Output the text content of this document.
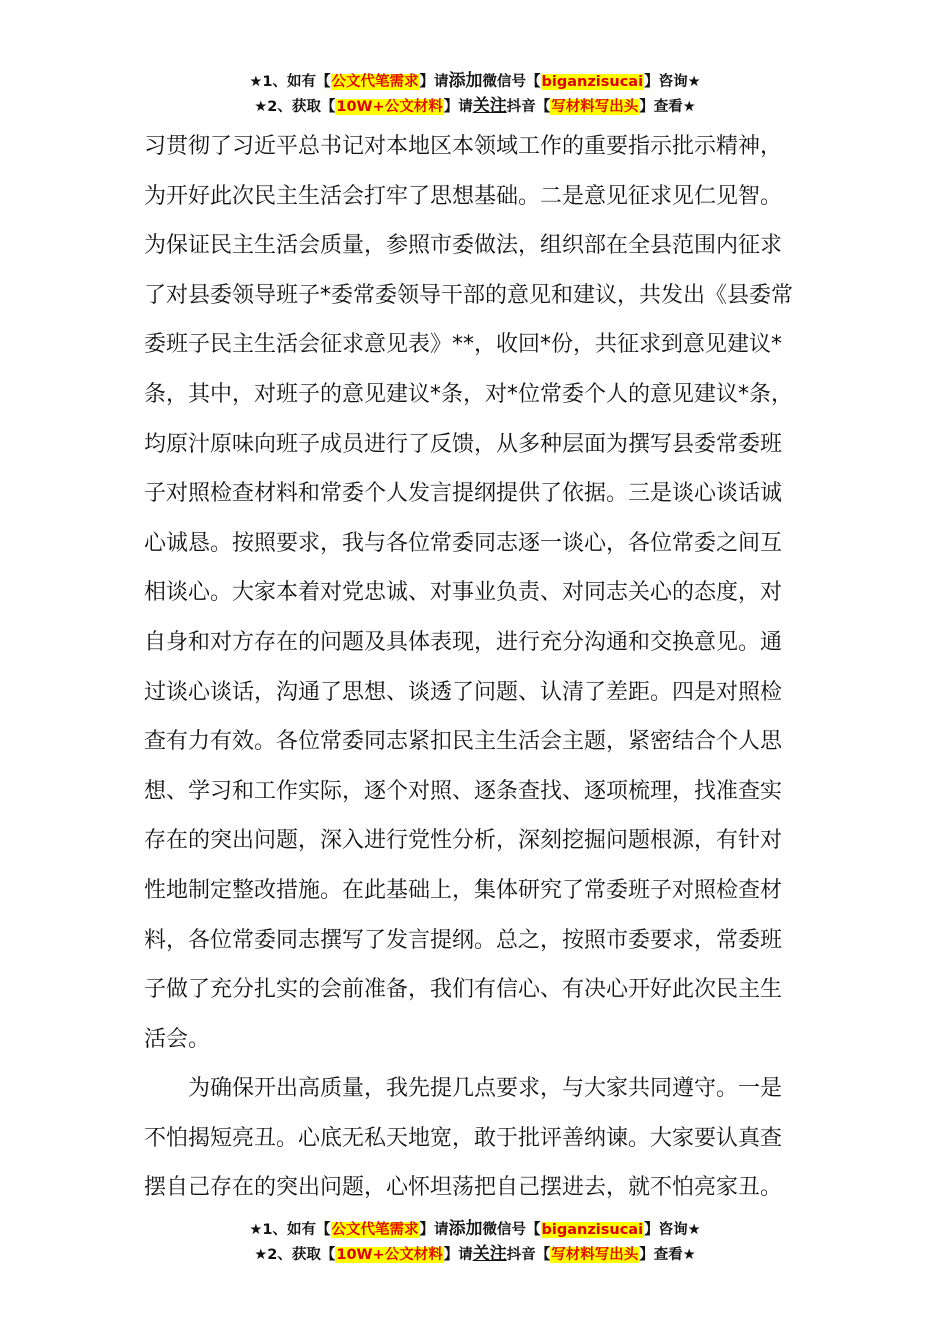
★1、如有【公文代笔需求】请添加微信号【biganzisucai】咨询★
★2、获取【10W+公文材料】请关注抖音【写材料写出头】查看★
习贯彻了习近平总书记对本地区本领域工作的重要指示批示精神，
为开好此次民主生活会打牢了思想基础。二是意见征求见仁见智。
为保证民主生活会质量，参照市委做法，组织部在全县范围内征求
了对县委领导班子*委常委领导干部的意见和建议，共发出《县委常
委班子民主生活会征求意见表》**，收回*份，共征求到意见建议*
条，其中，对班子的意见建议*条，对*位常委个人的意见建议*条，
均原汁原味向班子成员进行了反馈，从多种层面为撰写县委常委班
子对照检查材料和常委个人发言提纲提供了依据。三是谈心谈话诚
心诚恳。按照要求，我与各位常委同志逐一谈心，各位常委之间互
相谈心。大家本着对党忠诚、对事业负责、对同志关心的态度，对
自身和对方存在的问题及具体表现，进行充分沟通和交换意见。通
过谈心谈话，沟通了思想、谈透了问题、认清了差距。四是对照检
查有力有效。各位常委同志紧扣民主生活会主题，紧密结合个人思
想、学习和工作实际，逐个对照、逐条查找、逐项梳理，找准查实
存在的突出问题，深入进行党性分析，深刻挖掘问题根源，有针对
性地制定整改措施。在此基础上，集体研究了常委班子对照检查材
料，各位常委同志撰写了发言提纲。总之，按照市委要求，常委班
子做了充分扎实的会前准备，我们有信心、有决心开好此次民主生
活会。
　　为确保开出高质量，我先提几点要求，与大家共同遵守。一是
不怕揭短亮丑。心底无私天地宽，敢于批评善纳谏。大家要认真查
摆自己存在的突出问题，心怀坦荡把自己摆进去，就不怕亮家丑。
★1、如有【公文代笔需求】请添加微信号【biganzisucai】咨询★
★2、获取【10W+公文材料】请关注抖音【写材料写出头】查看★
